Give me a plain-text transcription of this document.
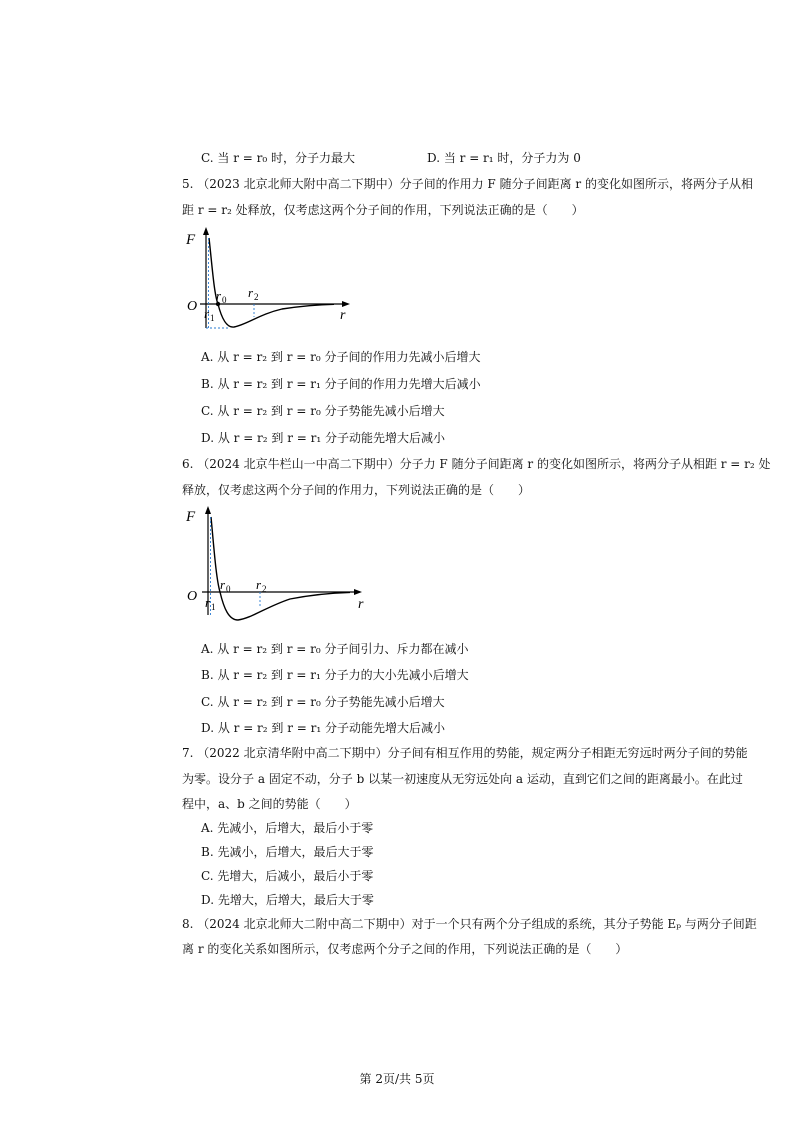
C. 当 r = r₀ 时，分子力最大	D. 当 r = r₁ 时，分子力为 0
5. （2023 北京北师大附中高二下期中）分子间的作用力 F 随分子间距离 r 的变化如图所示，将两分子从相
距 r = r₂ 处释放，仅考虑这两个分子间的作用，下列说法正确的是（　　）
F
O
r 0
r 1
r 2
r
A. 从 r = r₂ 到 r = r₀ 分子间的作用力先减小后增大
B. 从 r = r₂ 到 r = r₁ 分子间的作用力先增大后减小
C. 从 r = r₂ 到 r = r₀ 分子势能先减小后增大
D. 从 r = r₂ 到 r = r₁ 分子动能先增大后减小
6. （2024 北京牛栏山一中高二下期中）分子力 F 随分子间距离 r 的变化如图所示，将两分子从相距 r = r₂ 处
释放，仅考虑这两个分子间的作用力，下列说法正确的是（　　）
F
O
r 0
r 1
r 2
r
A. 从 r = r₂ 到 r = r₀ 分子间引力、斥力都在减小
B. 从 r = r₂ 到 r = r₁ 分子力的大小先减小后增大
C. 从 r = r₂ 到 r = r₀ 分子势能先减小后增大
D. 从 r = r₂ 到 r = r₁ 分子动能先增大后减小
7. （2022 北京清华附中高二下期中）分子间有相互作用的势能，规定两分子相距无穷远时两分子间的势能
为零。设分子 a 固定不动，分子 b 以某一初速度从无穷远处向 a 运动，直到它们之间的距离最小。在此过
程中，a、b 之间的势能（　　）
A. 先减小，后增大，最后小于零
B. 先减小，后增大，最后大于零
C. 先增大，后减小，最后小于零
D. 先增大，后增大，最后大于零
8. （2024 北京北师大二附中高二下期中）对于一个只有两个分子组成的系统，其分子势能 Eₚ 与两分子间距
离 r 的变化关系如图所示，仅考虑两个分子之间的作用，下列说法正确的是（　　）
第 2页/共 5页
